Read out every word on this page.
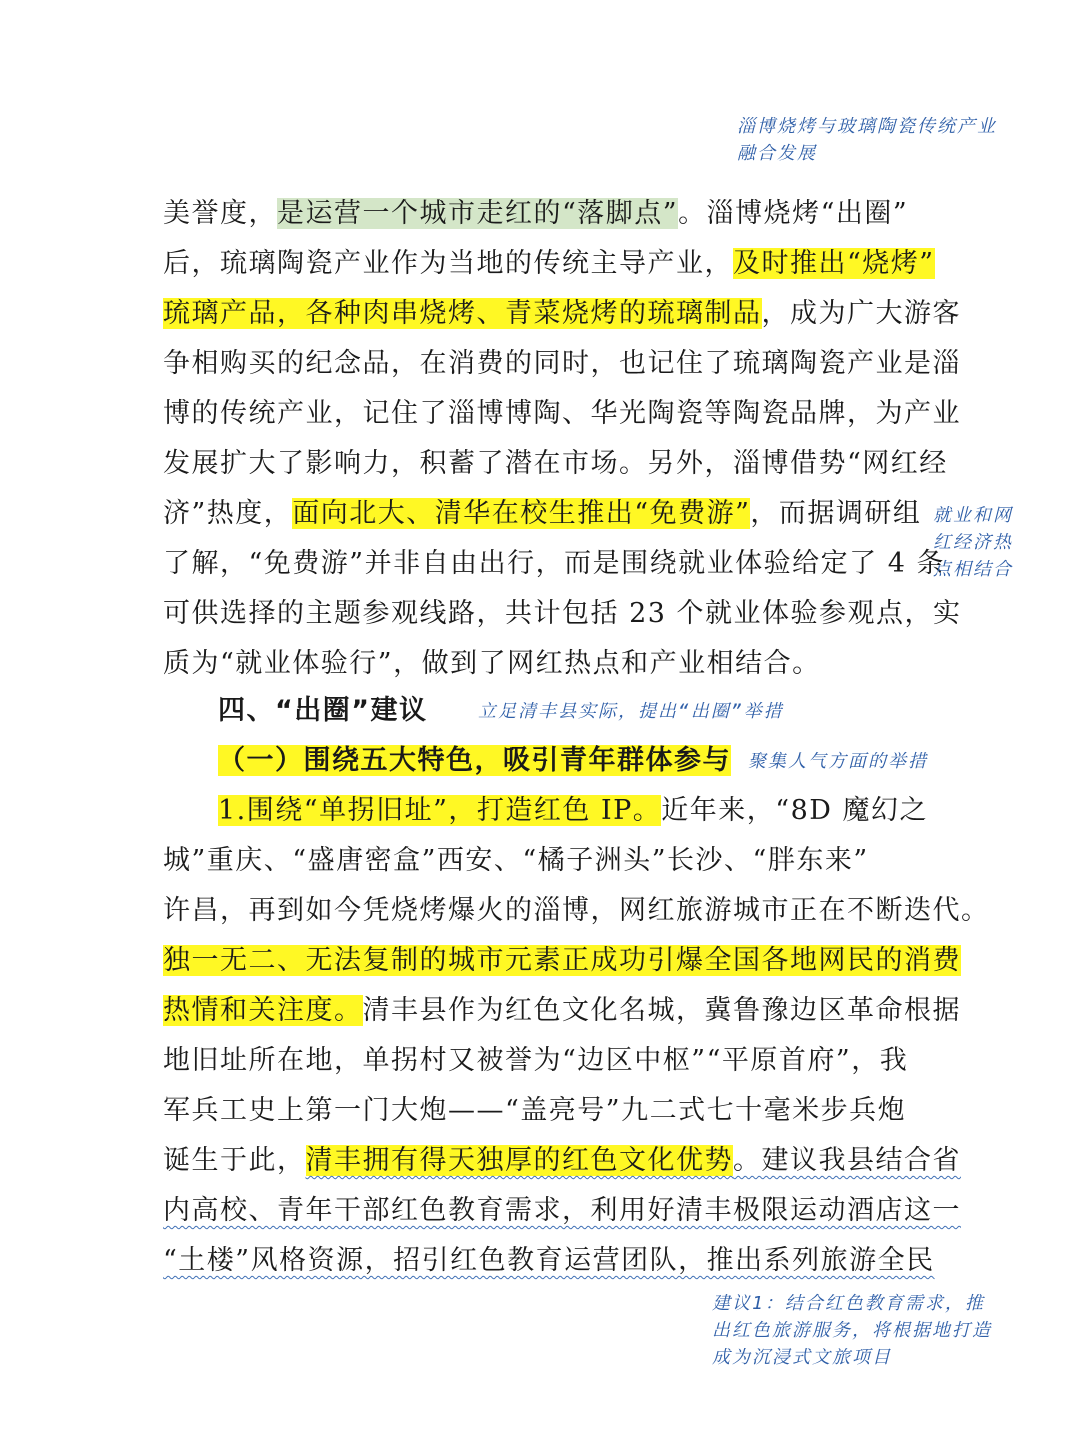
淄博烧烤与玻璃陶瓷传统产业
融合发展
美誉度，是运营一个城市走红的“落脚点”。淄博烧烤“出圈”
后，琉璃陶瓷产业作为当地的传统主导产业，及时推出“烧烤”
琉璃产品，各种肉串烧烤、青菜烧烤的琉璃制品，成为广大游客
争相购买的纪念品，在消费的同时，也记住了琉璃陶瓷产业是淄
博的传统产业，记住了淄博博陶、华光陶瓷等陶瓷品牌，为产业
发展扩大了影响力，积蓄了潜在市场。另外，淄博借势“网红经
济”热度，面向北大、清华在校生推出“免费游”，而据调研组
了解，“免费游”并非自由出行，而是围绕就业体验给定了 4 条
可供选择的主题参观线路，共计包括 23 个就业体验参观点，实
质为“就业体验行”，做到了网红热点和产业相结合。
就业和网
红经济热
点相结合
四、“出圈”建议	立足清丰县实际，提出“出圈”举措
（一）围绕五大特色，吸引青年群体参与 聚集人气方面的举措
1.围绕“单拐旧址”，打造红色 IP。近年来，“8D 魔幻之
城”重庆、“盛唐密盒”西安、“橘子洲头”长沙、“胖东来”
许昌，再到如今凭烧烤爆火的淄博，网红旅游城市正在不断迭代。
独一无二、无法复制的城市元素正成功引爆全国各地网民的消费
热情和关注度。清丰县作为红色文化名城，冀鲁豫边区革命根据
地旧址所在地，单拐村又被誉为“边区中枢”“平原首府”，我
军兵工史上第一门大炮——“盖亮号”九二式七十毫米步兵炮
诞生于此，清丰拥有得天独厚的红色文化优势。建议我县结合省
内高校、青年干部红色教育需求，利用好清丰极限运动酒店这一
“土楼”风格资源，招引红色教育运营团队，推出系列旅游全民
建议1：结合红色教育需求，推
出红色旅游服务，将根据地打造
成为沉浸式文旅项目
